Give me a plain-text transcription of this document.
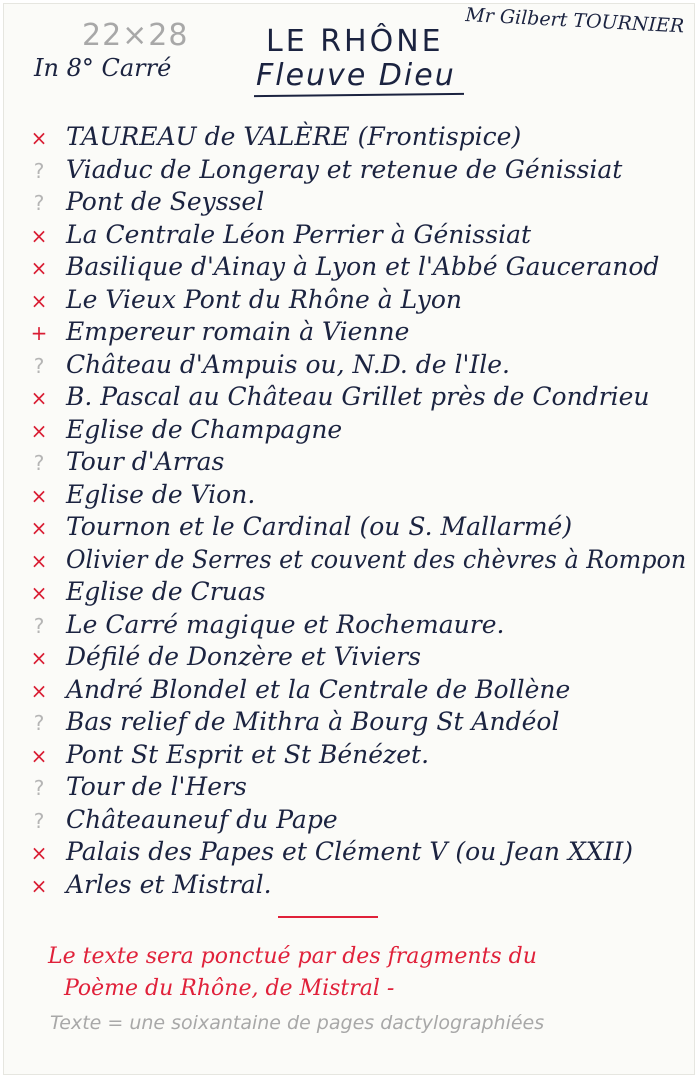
22×28
In 8° Carré
LE RHÔNE
Fleuve Dieu
Mr Gilbert TOURNIER
× TAUREAU de VALÈRE (Frontispice)
? Viaduc de Longeray et retenue de Génissiat
? Pont de Seyssel
× La Centrale Léon Perrier à Génissiat
× Basilique d'Ainay à Lyon et l'Abbé Gauceranod
× Le Vieux Pont du Rhône à Lyon
+ Empereur romain à Vienne
? Château d'Ampuis ou, N.D. de l'Ile.
× B. Pascal au Château Grillet près de Condrieu
× Eglise de Champagne
? Tour d'Arras
× Eglise de Vion.
× Tournon et le Cardinal (ou S. Mallarmé)
× Olivier de Serres et couvent des chèvres à Rompon
× Eglise de Cruas
? Le Carré magique et Rochemaure.
× Défilé de Donzère et Viviers
× André Blondel et la Centrale de Bollène
? Bas relief de Mithra à Bourg St Andéol
× Pont St Esprit et St Bénézet.
? Tour de l'Hers
? Châteauneuf du Pape
× Palais des Papes et Clément V (ou Jean XXII)
× Arles et Mistral.
Le texte sera ponctué par des fragments du
Poème du Rhône, de Mistral -
Texte = une soixantaine de pages dactylographiées
